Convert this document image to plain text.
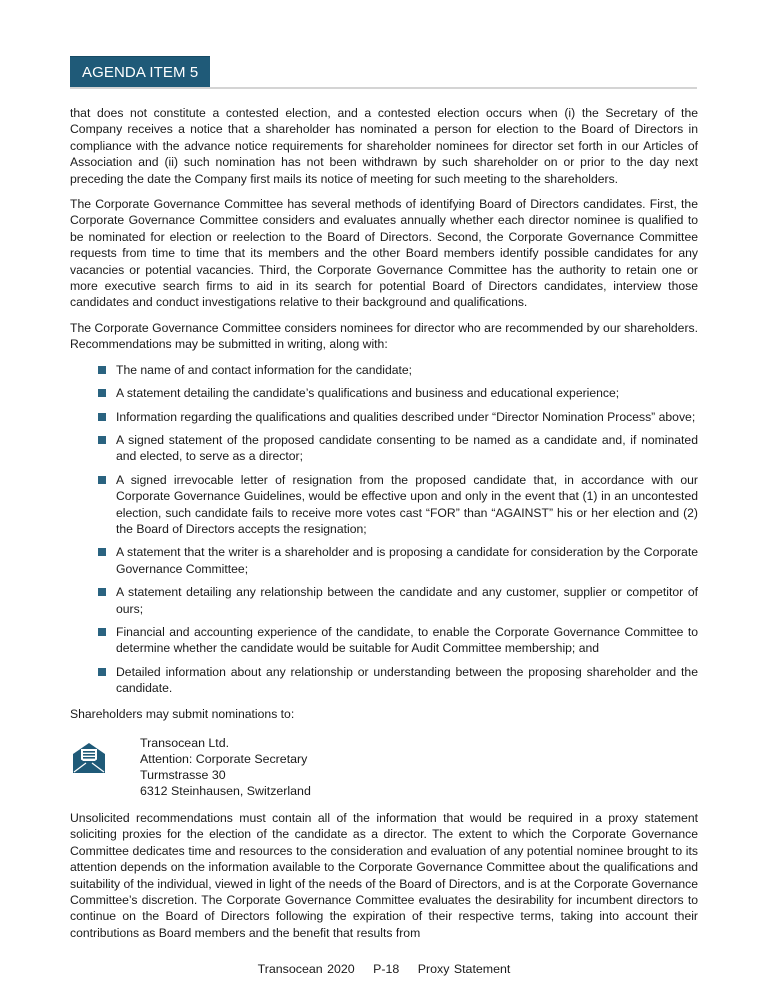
AGENDA ITEM 5

that does not constitute a contested election, and a contested election occurs when (i) the Secretary of the Company receives a notice that a shareholder has nominated a person for election to the Board of Directors in compliance with the advance notice requirements for shareholder nominees for director set forth in our Articles of Association and (ii) such nomination has not been withdrawn by such shareholder on or prior to the day next preceding the date the Company first mails its notice of meeting for such meeting to the shareholders.

The Corporate Governance Committee has several methods of identifying Board of Directors candidates. First, the Corporate Governance Committee considers and evaluates annually whether each director nominee is qualified to be nominated for election or reelection to the Board of Directors. Second, the Corporate Governance Committee requests from time to time that its members and the other Board members identify possible candidates for any vacancies or potential vacancies. Third, the Corporate Governance Committee has the authority to retain one or more executive search firms to aid in its search for potential Board of Directors candidates, interview those candidates and conduct investigations relative to their background and qualifications.

The Corporate Governance Committee considers nominees for director who are recommended by our shareholders. Recommendations may be submitted in writing, along with:

The name of and contact information for the candidate;
A statement detailing the candidate’s qualifications and business and educational experience;
Information regarding the qualifications and qualities described under “Director Nomination Process” above;
A signed statement of the proposed candidate consenting to be named as a candidate and, if nominated and elected, to serve as a director;
A signed irrevocable letter of resignation from the proposed candidate that, in accordance with our Corporate Governance Guidelines, would be effective upon and only in the event that (1) in an uncontested election, such candidate fails to receive more votes cast “FOR” than “AGAINST” his or her election and (2) the Board of Directors accepts the resignation;
A statement that the writer is a shareholder and is proposing a candidate for consideration by the Corporate Governance Committee;
A statement detailing any relationship between the candidate and any customer, supplier or competitor of ours;
Financial and accounting experience of the candidate, to enable the Corporate Governance Committee to determine whether the candidate would be suitable for Audit Committee membership; and
Detailed information about any relationship or understanding between the proposing shareholder and the candidate.

Shareholders may submit nominations to:

Transocean Ltd.
Attention: Corporate Secretary
Turmstrasse 30
6312 Steinhausen, Switzerland

Unsolicited recommendations must contain all of the information that would be required in a proxy statement soliciting proxies for the election of the candidate as a director. The extent to which the Corporate Governance Committee dedicates time and resources to the consideration and evaluation of any potential nominee brought to its attention depends on the information available to the Corporate Governance Committee about the qualifications and suitability of the individual, viewed in light of the needs of the Board of Directors, and is at the Corporate Governance Committee’s discretion. The Corporate Governance Committee evaluates the desirability for incumbent directors to continue on the Board of Directors following the expiration of their respective terms, taking into account their contributions as Board members and the benefit that results from

Transocean 2020 P-18 Proxy Statement
